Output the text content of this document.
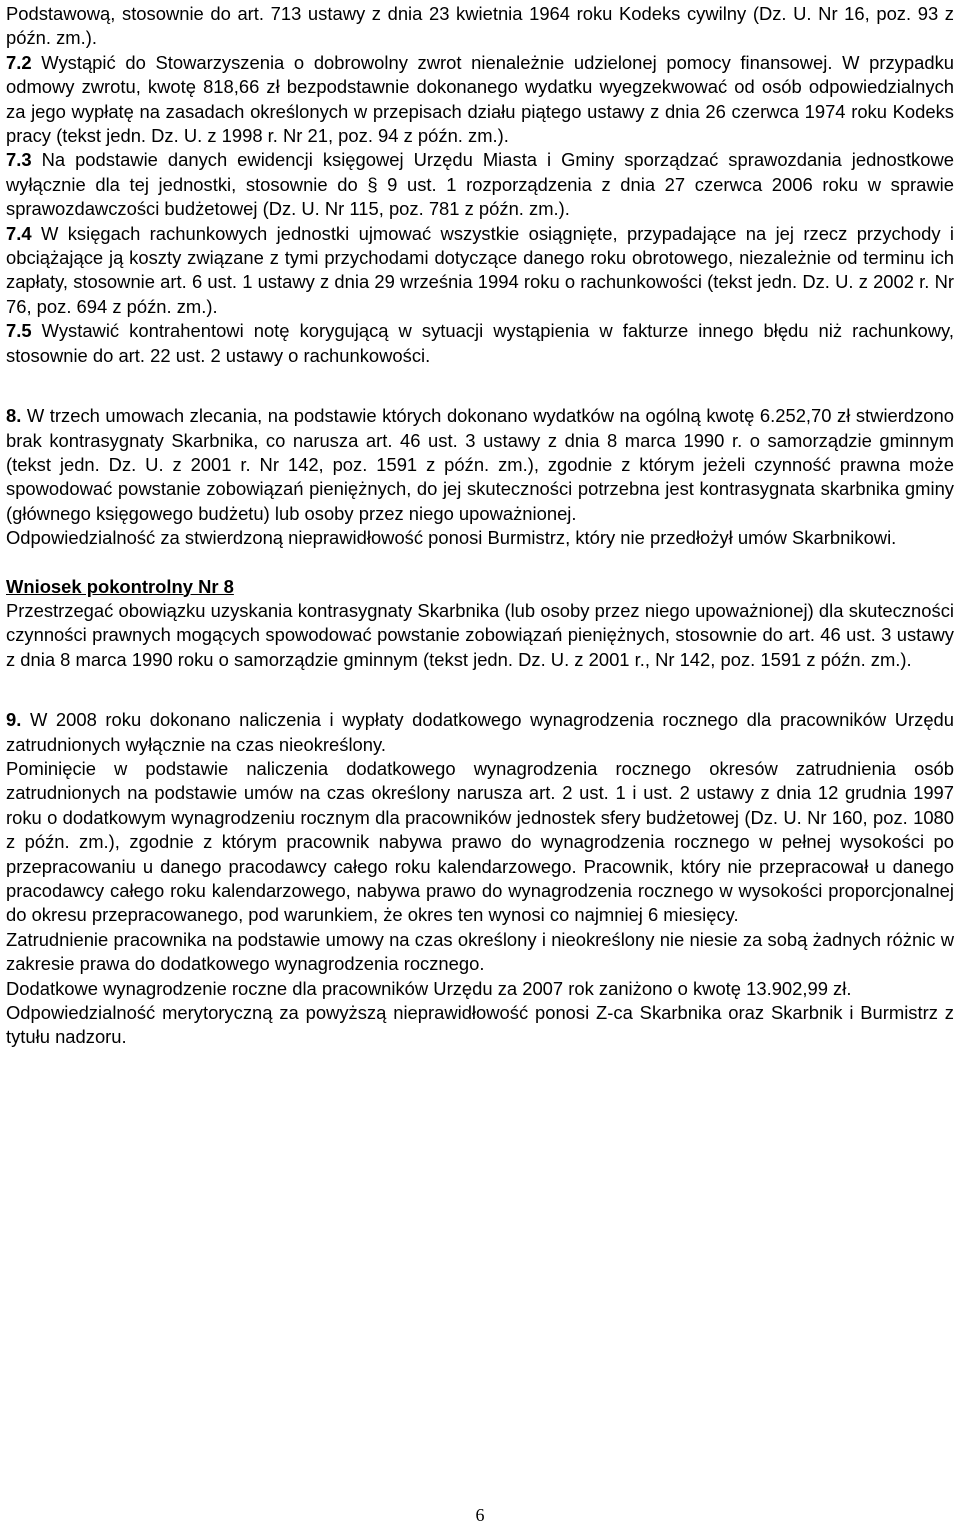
Podstawową, stosownie do art. 713 ustawy z dnia 23 kwietnia 1964 roku Kodeks cywilny (Dz. U. Nr 16, poz. 93 z późn. zm.).

7.2 Wystąpić do Stowarzyszenia o dobrowolny zwrot nienależnie udzielonej pomocy finansowej. W przypadku odmowy zwrotu, kwotę 818,66 zł bezpodstawnie dokonanego wydatku wyegzekwować od osób odpowiedzialnych za jego wypłatę na zasadach określonych w przepisach działu piątego ustawy z dnia 26 czerwca 1974 roku Kodeks pracy (tekst jedn. Dz. U. z 1998 r. Nr 21, poz. 94 z późn. zm.).

7.3 Na podstawie danych ewidencji księgowej Urzędu Miasta i Gminy sporządzać sprawozdania jednostkowe wyłącznie dla tej jednostki, stosownie do § 9 ust. 1 rozporządzenia z dnia 27 czerwca 2006 roku w sprawie sprawozdawczości budżetowej (Dz. U. Nr 115, poz. 781 z późn. zm.).

7.4 W księgach rachunkowych jednostki ujmować wszystkie osiągnięte, przypadające na jej rzecz przychody i obciążające ją koszty związane z tymi przychodami dotyczące danego roku obrotowego, niezależnie od terminu ich zapłaty, stosownie art. 6 ust. 1 ustawy z dnia 29 września 1994 roku o rachunkowości (tekst jedn. Dz. U. z 2002 r. Nr 76, poz. 694 z późn. zm.).

7.5 Wystawić kontrahentowi notę korygującą w sytuacji wystąpienia w fakturze innego błędu niż rachunkowy, stosownie do art. 22 ust. 2 ustawy o rachunkowości.

8. W trzech umowach zlecania, na podstawie których dokonano wydatków na ogólną kwotę 6.252,70 zł stwierdzono brak kontrasygnaty Skarbnika, co narusza art. 46 ust. 3 ustawy z dnia 8 marca 1990 r. o samorządzie gminnym (tekst jedn. Dz. U. z 2001 r. Nr 142, poz. 1591 z późn. zm.), zgodnie z którym jeżeli czynność prawna może spowodować powstanie zobowiązań pieniężnych, do jej skuteczności potrzebna jest kontrasygnata skarbnika gminy (głównego księgowego budżetu) lub osoby przez niego upoważnionej.

Odpowiedzialność za stwierdzoną nieprawidłowość ponosi Burmistrz, który nie przedłożył umów Skarbnikowi.

Wniosek pokontrolny Nr 8

Przestrzegać obowiązku uzyskania kontrasygnaty Skarbnika (lub osoby przez niego upoważnionej) dla skuteczności czynności prawnych mogących spowodować powstanie zobowiązań pieniężnych, stosownie do art. 46 ust. 3 ustawy z dnia 8 marca 1990 roku o samorządzie gminnym (tekst jedn. Dz. U. z 2001 r., Nr 142, poz. 1591 z późn. zm.).

9. W 2008 roku dokonano naliczenia i wypłaty dodatkowego wynagrodzenia rocznego dla pracowników Urzędu zatrudnionych wyłącznie na czas nieokreślony.

Pominięcie w podstawie naliczenia dodatkowego wynagrodzenia rocznego okresów zatrudnienia osób zatrudnionych na podstawie umów na czas określony narusza art. 2 ust. 1 i ust. 2 ustawy z dnia 12 grudnia 1997 roku o dodatkowym wynagrodzeniu rocznym dla pracowników jednostek sfery budżetowej (Dz. U. Nr 160, poz. 1080 z późn. zm.), zgodnie z którym pracownik nabywa prawo do wynagrodzenia rocznego w pełnej wysokości po przepracowaniu u danego pracodawcy całego roku kalendarzowego. Pracownik, który nie przepracował u danego pracodawcy całego roku kalendarzowego, nabywa prawo do wynagrodzenia rocznego w wysokości proporcjonalnej do okresu przepracowanego, pod warunkiem, że okres ten wynosi co najmniej 6 miesięcy.

Zatrudnienie pracownika na podstawie umowy na czas określony i nieokreślony nie niesie za sobą żadnych różnic w zakresie prawa do dodatkowego wynagrodzenia rocznego.

Dodatkowe wynagrodzenie roczne dla pracowników Urzędu za 2007 rok zaniżono o kwotę 13.902,99 zł.

Odpowiedzialność merytoryczną za powyższą nieprawidłowość ponosi Z-ca Skarbnika oraz Skarbnik i Burmistrz z tytułu nadzoru.

6
